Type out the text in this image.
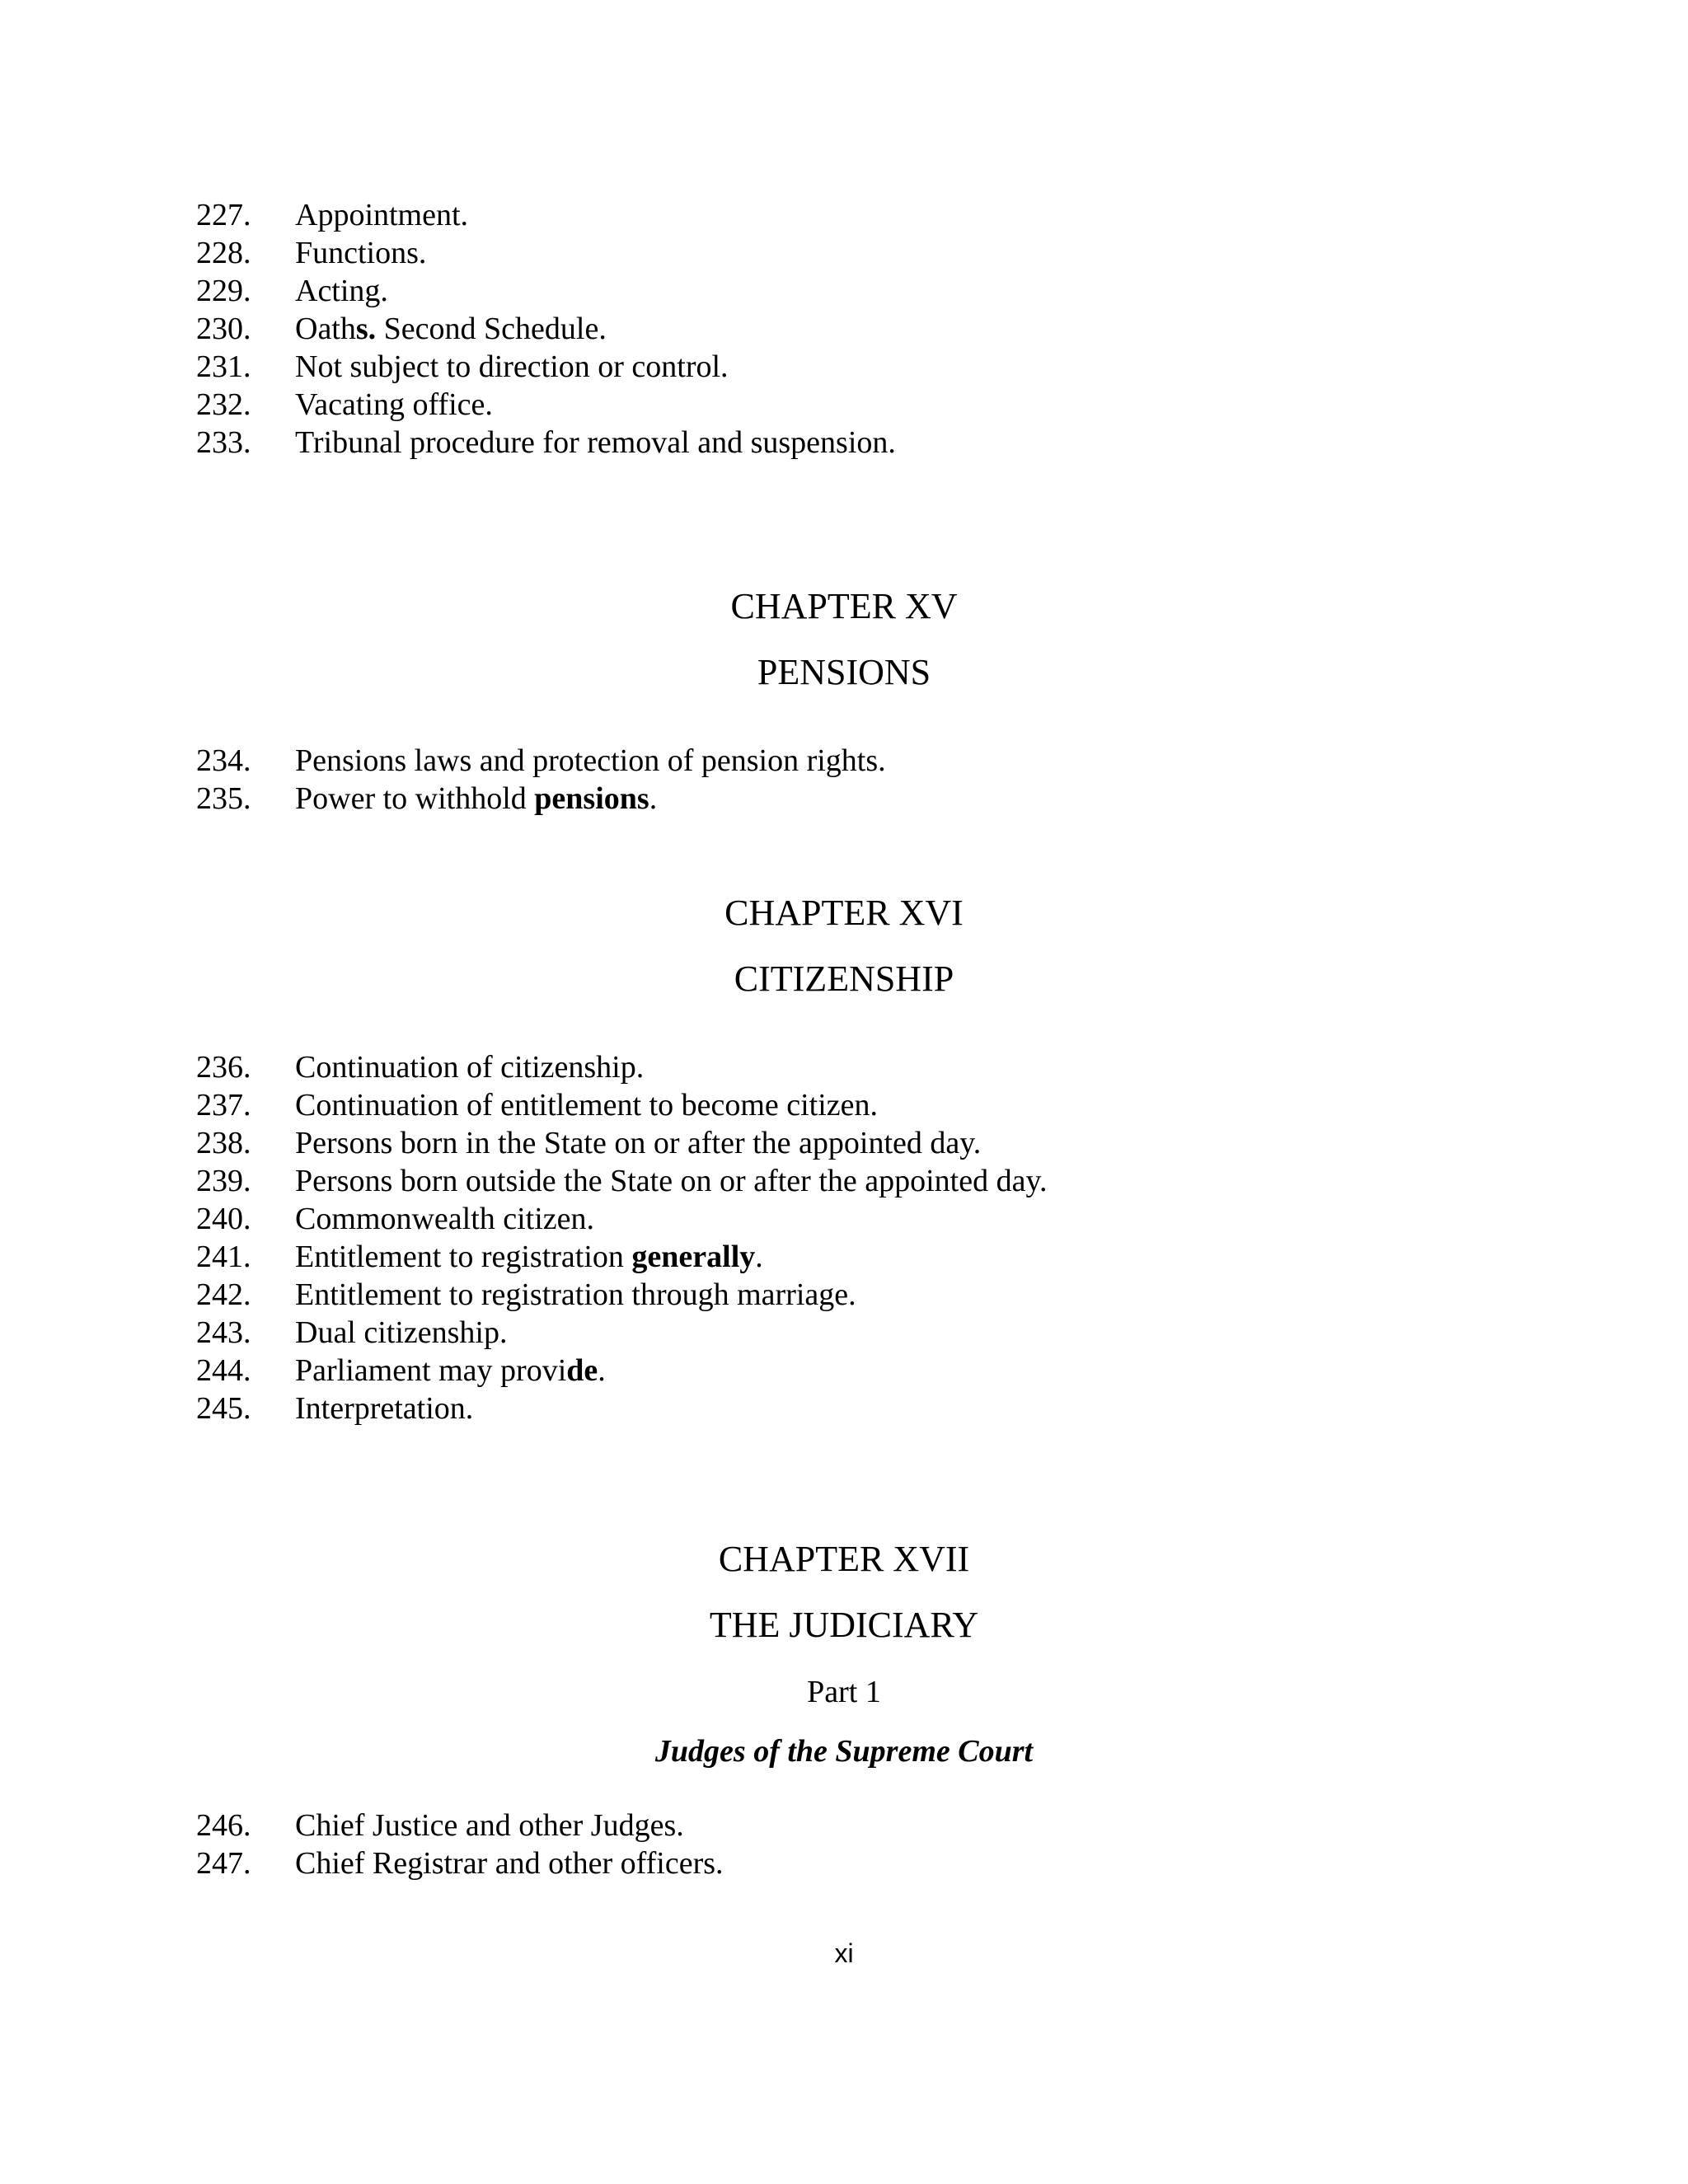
227. Appointment.
228. Functions.
229. Acting.
230. Oaths. Second Schedule.
231. Not subject to direction or control.
232. Vacating office.
233. Tribunal procedure for removal and suspension.
CHAPTER XV
PENSIONS
234. Pensions laws and protection of pension rights.
235. Power to withhold pensions.
CHAPTER XVI
CITIZENSHIP
236. Continuation of citizenship.
237. Continuation of entitlement to become citizen.
238. Persons born in the State on or after the appointed day.
239. Persons born outside the State on or after the appointed day.
240. Commonwealth citizen.
241. Entitlement to registration generally.
242. Entitlement to registration through marriage.
243. Dual citizenship.
244. Parliament may provide.
245. Interpretation.
CHAPTER XVII
THE JUDICIARY
Part 1
Judges of the Supreme Court
246. Chief Justice and other Judges.
247. Chief Registrar and other officers.
xi
